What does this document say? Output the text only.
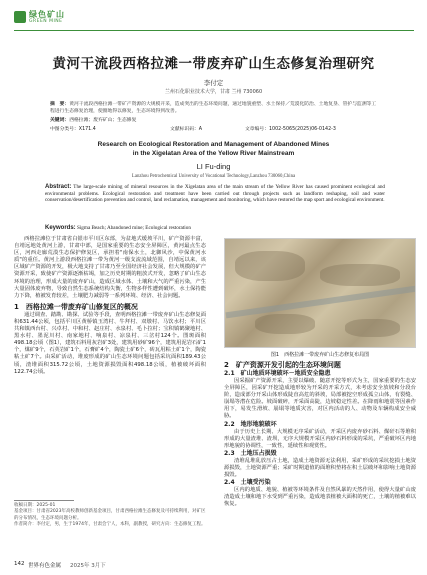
绿色矿山
GREEN MINE
黄河干流段西格拉滩一带废弃矿山生态修复治理研究
李付定
兰州石化职业技术大学，甘肃 兰州 730060
摘　要：黄河干流段西格拉滩一带矿产资源的大规模开采，造成突出的生态环境问题，通过地貌重塑、水土保持／荒漠化防治、土地复垦、管护与监测等工程进行生态修复治理，使圈地得以修复，生态环境得到改善。
关键词：西格拉滩；废弃矿山；生态修复
中图分类号：X171.4	文献标识码：A	文章编号：1002-5065(2025)06-0142-3
Research on Ecological Restoration and Management of Abandoned Mines
in the Xigelatan Area of the Yellow River Mainstream
LI Fu-ding
Lanzhou Petrochemical University of Vocational Technology,Lanzhou 730060,China
Abstract: The large-scale mining of mineral resources in the Xigelatan area of the main stream of the Yellow River has caused prominent ecological and environmental problems. Ecological restoration and treatment have been carried out through projects such as landform reshaping, soil and water conservation/desertification prevention and control, land reclamation, management and monitoring, which have restored the map sport and ecological environment.
Keywords: Sigma Beach; Abandoned mine; Ecological restoration

西格拉滩位于甘肃省白银市平川区东部，为盆地式缓坡平川，矿产资源丰富，自靖远地处黄河上游，甘肃中部，是国家重要的生态安全屏障区，黄河最点生态区，河西走廊荒漠生态保护修复区，承担着"南保水土，北御风沙，中保黄河水质"的重任。黄河上游段西格拉滩一带为黄河一级支流流域范围，自靖远以来，该区域矿产资源的开发，极大地支持了甘肃乃至全国经济社会发展，但大规模的矿产资源开采，致使矿产资源逐渐枯竭，加之历史时期的粗放式开发，忽略了矿山生态环境的治理，形成大量的废弃矿山，造成区域水体、土壤和大气的严重污染，产生大量固体废弃物，导致自然生态系统结构失衡，生物多样性遭到破坏，水土保持能力下降，植被发育较差，土壤肥力减弱等一系列环境、经济、社会问题。

1　西格拉滩一带废弃矿山修复区的概况

通过调查、踏勘、勘探、试验等手段，查明西格拉滩一带废弃矿山生态修复面积631.44公顷，包括平川区黄桥镇玉湾村、牛拜村、双墩村、马饮水村；平川区共和镇西台村、兴卓村、中和村、赵庄村、水泉村、毛卜拉村；宝积镇鹤聚地村、黑水村、墨泥川村、南家地村、响泉村、凉泉村、三岔村124个。图斑面积498.18公顷（图1），建筑石料用灰岩矿3处，建筑用砂矿96个，建筑用泥岩石矿1个，煤矿9个，石英岩矿1个，石膏矿4个，陶瓷土矿6个，砖瓦用粘土矿1个，陶瓷粘土矿7个。由采矿活动，堆废形成的矿山生态环境问题包括采坑面积189.43公顷，渣堆面积315.72公顷，土地资源损毁面积498.18公顷，植被破坏面积122.74公顷。

图1　西格拉滩一带废弃矿山生态修复布局图

2　矿产资源开发引起的生态环境问题

2.1　矿山地质环境破坏－地质安全隐患

因采掘矿产资源开采，主要以爆破、随意开挖等形式为主，国家重要的生态安全屏障区，因采矿开挖造成地形较为开采的开采方式，未考虑安全放坡和分段台阶，造成部分开采山体形成陡直高危的斜坡，局部被挖空形成孤立山体，有裂缝、崩塌等潜在危险。坡面破碎，开采面高陡，边坡稳定性差。在降雨和地震等因素作用下，易发生滑坡、崩塌等地质灾害，对区内活动的人、动物及车辆构成安全威胁。

2.2　地形地貌破坏

由于历史上长期、大规模无序采矿活动，开采区内废弃砂石料、煤矸石等堆积形成的大量渣堆、渣坝，无序大规模开采区内砂石料形成的采坑，严重破坏区内地形地貌的协调性，一致性，延续性和观赏性。

2.3　土地压占损毁

渣堆乱堆乱放压占土地，造成土地资源无法利用，采矿形成的采坑挖损土地资源损毁，土地资源严重；采矿时期道值的面堆积垫将在积土层破坏和影响土地资源损毁。

2.4　土壤受污染

区内的地质、地貌、植被等环境条件及自然风暴的天然作用，使得大量矿山废渣造成土壤和地下水受到严重污染，造成地表植被大面积的死亡，土壤的植被难以恢复。

收稿日期：2025-01
基金项目：甘肃省2023年高校教师创新基金项目，甘肃西格拉滩生态修复及可持续利用，对矿区的分布情况，生态环境问题分析。
作者简介：李付定，男，生于1974年，甘肃会宁人，本科，副教授，研究方向：生态修复工程。
142 世界有色金属 2025年 3月下
